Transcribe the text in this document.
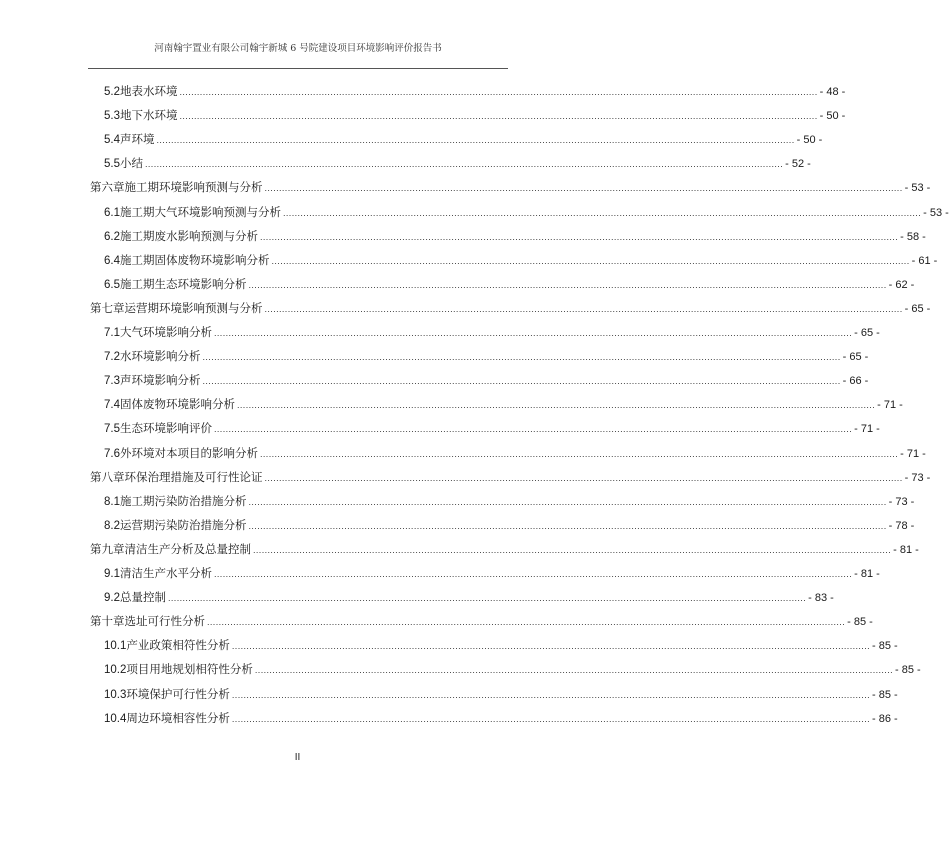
河南翰宇置业有限公司翰宇新城 6 号院建设项目环境影响评价报告书
5.2 地表水环境 ............................................................................................................................................................................................................................ - 48 -
5.3 地下水环境 ............................................................................................................................................................................................................................ - 50 -
5.4 声环境 ............................................................................................................................................................................................................................ - 50 -
5.5 小结 ............................................................................................................................................................................................................................ - 52 -
第六章 施工期环境影响预测与分析 ............................................................................................................................................................................................................................ - 53 -
6.1 施工期大气环境影响预测与分析 ............................................................................................................................................................................................................................ - 53 -
6.2 施工期废水影响预测与分析 ............................................................................................................................................................................................................................ - 58 -
6.4 施工期固体废物环境影响分析 ............................................................................................................................................................................................................................ - 61 -
6.5 施工期生态环境影响分析 ............................................................................................................................................................................................................................ - 62 -
第七章 运营期环境影响预测与分析 ............................................................................................................................................................................................................................ - 65 -
7.1 大气环境影响分析 ............................................................................................................................................................................................................................ - 65 -
7.2 水环境影响分析 ............................................................................................................................................................................................................................ - 65 -
7.3 声环境影响分析 ............................................................................................................................................................................................................................ - 66 -
7.4 固体废物环境影响分析 ............................................................................................................................................................................................................................ - 71 -
7.5 生态环境影响评价 ............................................................................................................................................................................................................................ - 71 -
7.6 外环境对本项目的影响分析 ............................................................................................................................................................................................................................ - 71 -
第八章 环保治理措施及可行性论证 ............................................................................................................................................................................................................................ - 73 -
8.1 施工期污染防治措施分析 ............................................................................................................................................................................................................................ - 73 -
8.2 运营期污染防治措施分析 ............................................................................................................................................................................................................................ - 78 -
第九章 清洁生产分析及总量控制 ............................................................................................................................................................................................................................ - 81 -
9.1 清洁生产水平分析 ............................................................................................................................................................................................................................ - 81 -
9.2 总量控制 ............................................................................................................................................................................................................................ - 83 -
第十章 选址可行性分析 ............................................................................................................................................................................................................................ - 85 -
10.1 产业政策相符性分析 ............................................................................................................................................................................................................................ - 85 -
10.2 项目用地规划相符性分析 ............................................................................................................................................................................................................................ - 85 -
10.3 环境保护可行性分析 ............................................................................................................................................................................................................................ - 85 -
10.4 周边环境相容性分析 ............................................................................................................................................................................................................................ - 86 -
II
